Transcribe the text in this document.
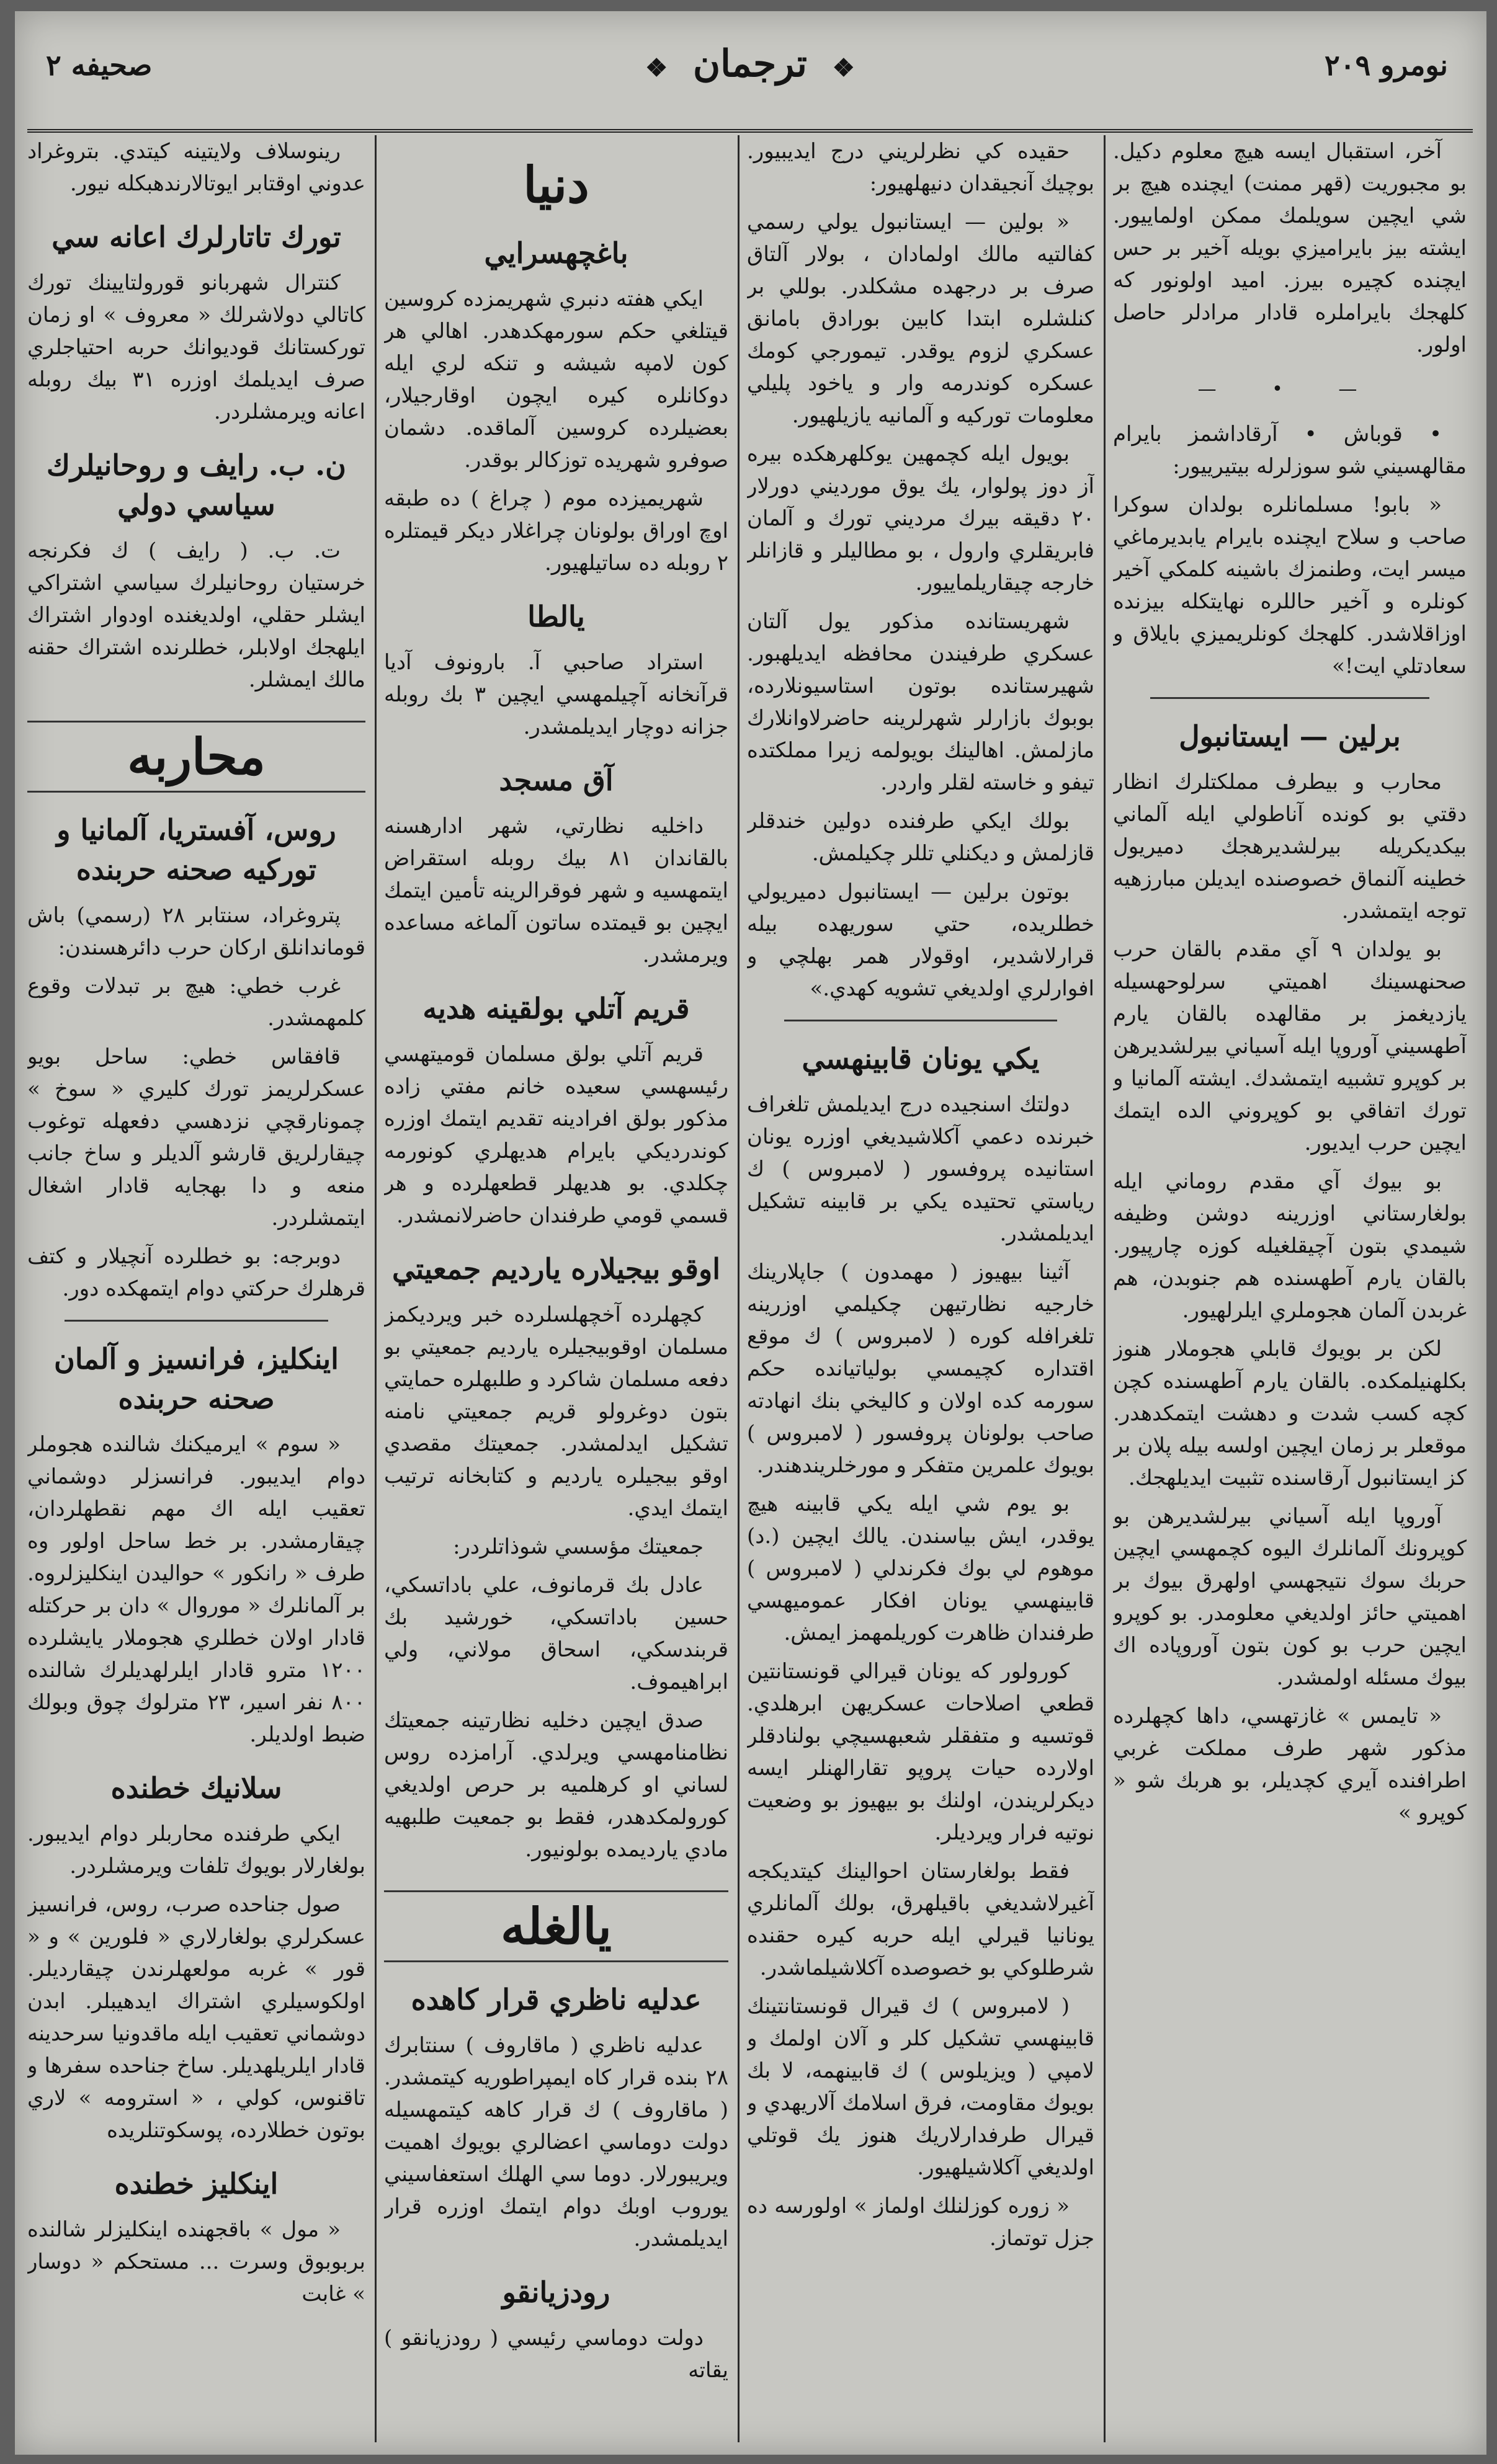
صحيفه ٢	❖ ترجمان ❖	نومرو ٢٠٩

آخر، استقبال ايسه هيچ معلوم دكيل. بو مجبوريت (قهر ممنت) ايچنده هيچ بر شي ايچين سويلمك ممكن اولماييور. ايشته بيز بايراميزي بويله آخير بر حس ايچنده كچيره بيرز. اميد اولونور كه كلهجك بايراملره قادار مرادلر حاصل اولور.

— • —

• قوباش • آرقاداشمز بايرام مقالهسيني شو سوزلرله بيتيرييور:

« بابو! مسلمانلره بولدان سوكرا صاحب و سلاح ايچنده بايرام يابديرماغي ميسر ايت، وطنمزك باشينه كلمكي آخير كونلره و آخير حاللره نهايتكله بيزنده اوزاقلاشدر. كلهجك كونلريميزي بايلاق و سعادتلي ايت!»

برلين — ايستانبول

محارب و بيطرف مملكتلرك انظار دقتي بو كونده آناطولي ايله آلماني بيكديكريله بيرلشديرهجك دميريول خطينه آلنماق خصوصنده ايديلن مبارزهيه توجه ايتمشدر.

بو يولدان ٩ آي مقدم بالقان حرب صحنهسينك اهميتي سرلوحهسيله يازديغمز بر مقالهده بالقان يارم آطهسيني آوروپا ايله آسياني بيرلشديرهن بر كوپرو تشبيه ايتمشدك. ايشته آلمانيا و تورك اتفاقي بو كوپروني الده ايتمك ايچين حرب ايديور.

بو بيوك آي مقدم روماني ايله بولغارستاني اوزرينه دوشن وظيفه شيمدي بتون آچيقلغيله كوزه چارپيور. بالقان يارم آطهسنده هم جنوبدن، هم غربدن آلمان هجوملري ايلرلهيور.

لكن بر بويوك قابلي هجوملار هنوز بكلهنيلمكده. بالقان يارم آطهسنده كچن كچه كسب شدت و دهشت ايتمكدهدر. موقعلر بر زمان ايچين اولسه بيله پلان بر كز ايستانبول آرقاسنده تثبيت ايديلهجك.

آوروپا ايله آسياني بيرلشديرهن بو كوپرونك آلمانلرك اليوه كچمهسي ايچين حربك سوك نتيجهسي اولهرق بيوك بر اهميتي حائز اولديغي معلومدر. بو كوپرو ايچين حرب بو كون بتون آوروپاده اك بيوك مسئله اولمشدر.

« تايمس » غازتهسي، داها كچهلرده مذكور شهر طرف مملكت غربي اطرافنده آيري كچديلر، بو هربك شو « كوپرو »

حقيده كي نظرلريني درج ايديبيور. بوچيك آنجيقدان دنيهلهيور:

« بولين — ايستانبول يولي رسمي كفالتيه مالك اولمادان ، بولار آلتاق صرف بر درجهده مشكلدر. بوللي بر كنلشلره ابتدا كابين بورادق بامانق عسكري لزوم يوقدر. تيمورجي كومك عسكره كوندرمه وار و ياخود پليلي معلومات توركيه و آلمانيه يازيلهيور.

بويول ايله كچمهين يوكلهرهكده بيره آز دوز پولوار، يك يوق مورديني دورلار ٢٠ دقيقه بيرك مرديني تورك و آلمان فابريقلري وارول ، بو مطاليلر و قازانلر خارجه چيقاريلماييور.

شهريستانده مذكور يول آلتان عسكري طرفيندن محافظه ايديلهبور. شهيرستانده بوتون استاسيونلارده، بوبوك بازارلر شهرلرينه حاضرلاوانلارك مازلمش. اهالينك بويولمه زيرا مملكتده تيفو و خاسته لقلر واردر.

بولك ايكي طرفنده دولين خندقلر قازلمش و ديكنلي تللر چكيلمش.

بوتون برلين — ايستانبول دميريولي خطلريده، حتي سوريهده بيله قرارلاشدير، اوقولار همر بهلچي و افوارلري اولديغي تشويه كهدي.»

يكي يونان قابينهسي

دولتك اسنجيده درج ايديلمش تلغراف خبرنده دعمي آكلاشيديغي اوزره يونان استانيده پروفسور ( لامبروس ) ك رياستي تحتيده يكي بر قابينه تشكيل ايديلمشدر.

آثينا بيهيوز ( مهمدون ) جاپلارينك خارجيه نظارتيهن چكيلمي اوزرينه تلغرافله كوره ( لامبروس ) ك موقع اقتداره كچيمسي بولياتيانده حكم سورمه كده اولان و كاليخي بنك انهادته صاحب بولونان پروفسور ( لامبروس ) بويوك علمرين متفكر و مورخلريندهندر.

بو يوم شي ايله يكي قابينه هيچ يوقدر، ايش بياسندن. يالك ايچين (.د) موهوم لي بوك فكرندلي ( لامبروس ) قابينهسي يونان افكار عموميهسي طرفندان ظاهرت كوريلمهمز ايمش.

كورولور كه يونان قيرالي قونستانتين قطعي اصلاحات عسكريهن ابرهلدي. قوتسيه و متفقلر شعبهسيچي بولنادقلر اولارده حيات پروپو تقارالهنلر ايسه ديكرلريندن، اولنك بو بيهيوز بو وضعيت نوتيه فرار ويرديلر.

فقط بولغارستان احوالينك كيتديكجه آغيرلاشديغي باقيلهرق، بولك آلمانلري يونانيا قيرلي ايله حربه كيره حقنده شرطلوكي بو خصوصده آكلاشيلماشدر.

( لامبروس ) ك قيرال قونستانتينك قابينهسي تشكيل كلر و آلان اولمك و لامپي ( ويزيلوس ) ك قابينهمه، لا بك بويوك مقاومت، فرق اسلامك آلاريهدي و قيرال طرفدارلاريك هنوز يك قوتلي اولديغي آكلاشيلهيور.

« زوره كوزلنلك اولماز » اولورسه ده جزل توتماز.

دنيا
باغچهسرايي

ايكي هفته دنبري شهريمزده كروسين قيتلغي حكم سورمهكدهدر. اهالي هر كون لامپه شيشه و تنكه لري ايله دوكانلره كيره ايچون اوقارجيلار، بعضيلرده كروسين آلماقده. دشمان صوفرو شهريده توزكالر بوقدر.

شهريميزده موم ( چراغ ) ده طبقه اوچ اوراق بولونان چراغلار ديكر قيمتلره ٢ روبله ده ساتيلهيور.

يالطا

استراد صاحبي آ. بارونوف آديا قرآنخانه آچيلمهسي ايچين ٣ بك روبله جزانه دوچار ايديلمشدر.

آق مسجد

داخليه نظارتي، شهر ادارهسنه بالقاندان ٨١ بيك روبله استقراض ايتمهسيه و شهر فوقرالرينه تأمين ايتمك ايچين بو قيمتده ساتون آلماغه مساعده ويرمشدر.

قريم آتلي بولقينه هديه

قريم آتلي بولق مسلمان قوميتهسي رئيسهسي سعيده خانم مفتي زاده مذكور بولق افرادينه تقديم ايتمك اوزره كوندرديكي بايرام هديهلري كونورمه چكلدي. بو هديهلر قطعهلرده و هر قسمي قومي طرفندان حاضرلانمشدر.

اوقو بيجيلاره يارديم جمعيتي

كچهلرده آخچهلسلرده خبر ويرديكمز مسلمان اوقوبيجيلره يارديم جمعيتي بو دفعه مسلمان شاكرد و طلبهلره حمايتي بتون دوغرولو قريم جمعيتي نامنه تشكيل ايدلمشدر. جمعيتك مقصدي اوقو بيجيلره يارديم و كتابخانه ترتيب ايتمك ايدي.

جمعيتك مؤسسي شوذاتلردر:

عادل بك قرمانوف، علي باداتسكي، حسين باداتسكي، خورشيد بك قربندسكي، اسحاق مولاني، ولي ابراهيموف.

صدق ايچين دخليه نظارتينه جمعيتك نظامنامهسي ويرلدي. آرامزده روس لساني او كرهلميه بر حرص اولديغي كورولمكدهدر، فقط بو جمعيت طلبهيه مادي يارديمده بولونيور.

يالغله
عدليه ناظري قرار كاهده

عدليه ناظري ( ماقاروف ) سنتابرك ٢٨ بنده قرار كاه ايمپراطوريه كيتمشدر. ( ماقاروف ) ك قرار كاهه كيتمهسيله دولت دوماسي اعضالري بويوك اهميت ويريبورلار. دوما سي الهلك استعفاسيني يوروب اوبك دوام ايتمك اوزره قرار ايديلمشدر.

رودزيانقو

دولت دوماسي رئيسي ( رودزيانقو ) يقاته

رينوسلاف ولايتينه كيتدي. بتروغراد عدوني اوقتابر ايوتالارندهبكله نيور.

تورك تاتارلرك اعانه سي

كنترال شهربانو قورولتايينك تورك كاتالي دولاشرلك « معروف » او زمان توركستانك قوديوانك حربه احتياجلري صرف ايديلمك اوزره ٣١ بيك روبله اعانه ويرمشلردر.

ن. ب. رايف و روحانيلرك سياسي دولي

ت. ب. ( رايف ) ك فكرنجه خرستيان روحانيلرك سياسي اشتراكي ايشلر حقلي، اولديغنده اودوار اشتراك ايلهجك اولابلر، خطلرنده اشتراك حقنه مالك ايمشلر.

محاربه
روس، آفستريا، آلمانيا و توركيه صحنه حربنده

پتروغراد، سنتابر ٢٨ (رسمي) باش قوماندانلق اركان حرب دائرهسندن:

غرب خطي: هيچ بر تبدلات وقوع كلمهمشدر.

قافقاس خطي: ساحل بويو عسكرلريمز تورك كليري « سوخ » چمونارقچي نزدهسي دفعهله توغوب چيقارلريق قارشو آلديلر و ساخ جانب منعه و دا بهجايه قادار اشغال ايتمشلردر.

دوبرجه: بو خطلرده آنچيلار و كتف قرهلرك حركتي دوام ايتمهكده دور.

اينكليز، فرانسيز و آلمان صحنه حربنده

« سوم » ايرميكنك شالنده هجوملر دوام ايديبور. فرانسزلر دوشماني تعقيب ايله اك مهم نقطهلردان، چيقارمشدر. بر خط ساحل اولور وه طرف « رانكور » حواليدن اينكليزلروه. بر آلمانلرك « موروال » دان بر حركتله قادار اولان خطلري هجوملار يايشلرده ١٢٠٠ مترو قادار ايلرلهديلرك شالنده ٨٠٠ نفر اسير، ٢٣ مترلوك چوق وبولك ضبط اولديلر.

سلانيك خطنده

ايكي طرفنده محاربلر دوام ايديبور. بولغارلار بويوك تلفات ويرمشلردر.

صول جناحده صرب، روس، فرانسيز عسكرلري بولغارلاري « فلورين » و « قور » غربه مولعهلرندن چيقارديلر. اولكوسيلري اشتراك ايدهيبلر. ابدن دوشماني تعقيب ايله ماقدونيا سرحدينه قادار ايلريلهديلر. ساخ جناحده سفرها و تاقنوس، كولي ، « استرومه » لاري بوتون خطلارده، پوسكوتنلريده

اينكليز خطنده

« مول » باقجهنده اينكليزلر شالنده بربوبوق وسرت ... مستحكم « دوسار » غابت
